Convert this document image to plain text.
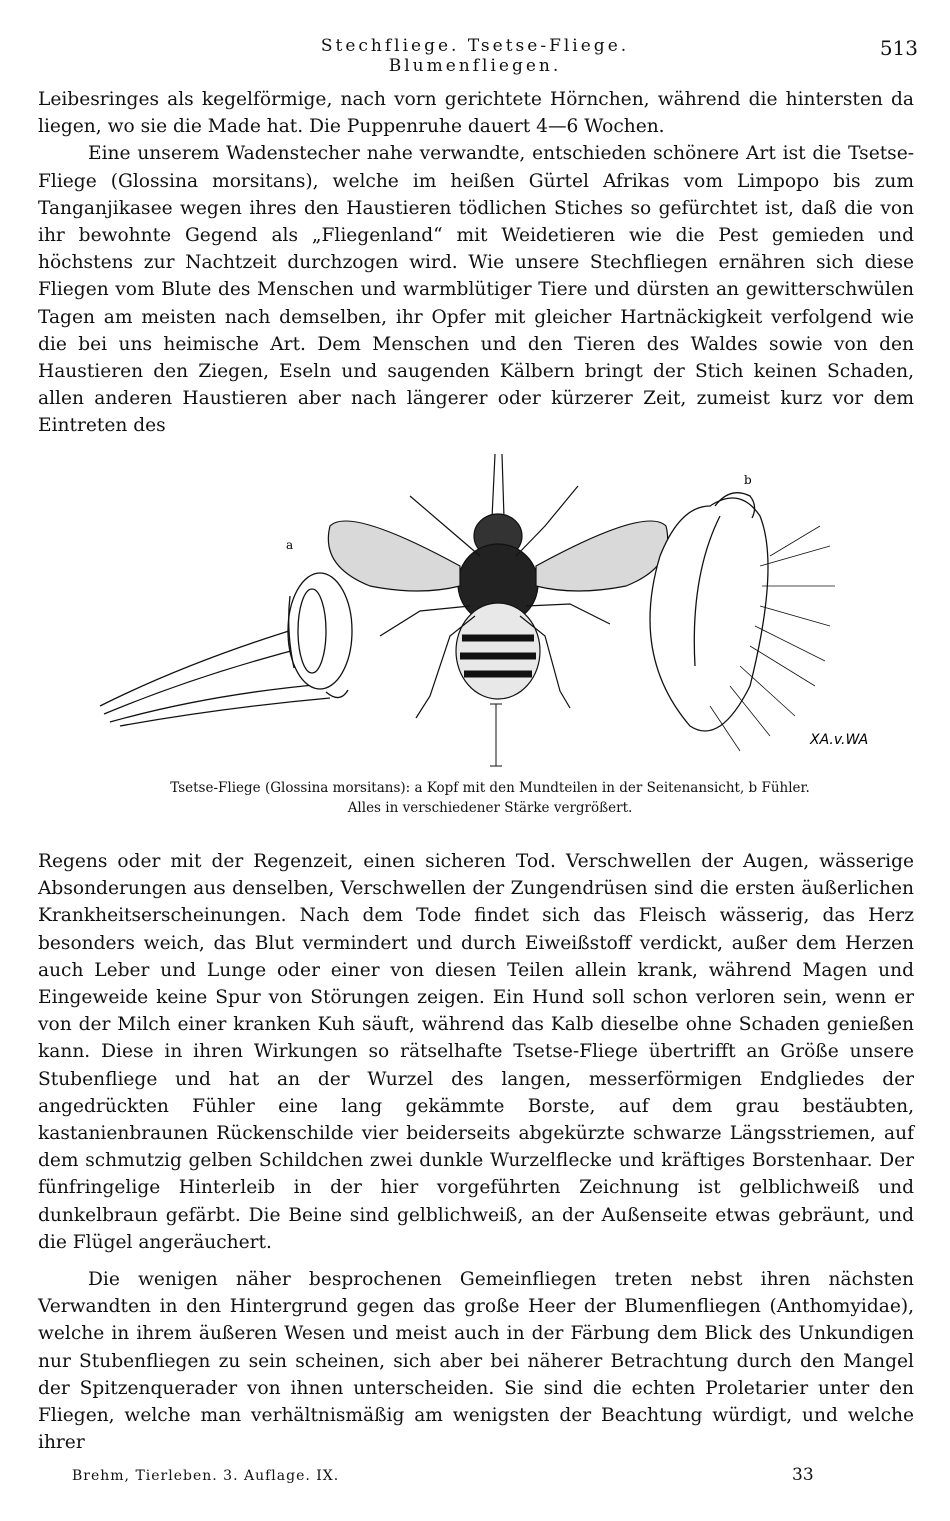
Stechfliege. Tsetse-Fliege. Blumenfliegen.
513

Leibesringes als kegelförmige, nach vorn gerichtete Hörnchen, während die hintersten da liegen, wo sie die Made hat. Die Puppenruhe dauert 4—6 Wochen.

Eine unserem Wadenstecher nahe verwandte, entschieden schönere Art ist die Tsetse-Fliege (Glossina morsitans), welche im heißen Gürtel Afrikas vom Limpopo bis zum Tanganjikasee wegen ihres den Haustieren tödlichen Stiches so gefürchtet ist, daß die von ihr bewohnte Gegend als „Fliegenland“ mit Weidetieren wie die Pest gemieden und höchstens zur Nachtzeit durchzogen wird. Wie unsere Stechfliegen ernähren sich diese Fliegen vom Blute des Menschen und warmblütiger Tiere und dürsten an gewitterschwülen Tagen am meisten nach demselben, ihr Opfer mit gleicher Hartnäckigkeit verfolgend wie die bei uns heimische Art. Dem Menschen und den Tieren des Waldes sowie von den Haustieren den Ziegen, Eseln und saugenden Kälbern bringt der Stich keinen Schaden, allen anderen Haustieren aber nach längerer oder kürzerer Zeit, zumeist kurz vor dem Eintreten des

a
b
XA.v.WA
Tsetse-Fliege (Glossina morsitans): a Kopf mit den Mundteilen in der Seitenansicht, b Fühler.
Alles in verschiedener Stärke vergrößert.

Regens oder mit der Regenzeit, einen sicheren Tod. Verschwellen der Augen, wässerige Absonderungen aus denselben, Verschwellen der Zungendrüsen sind die ersten äußerlichen Krankheitserscheinungen. Nach dem Tode findet sich das Fleisch wässerig, das Herz besonders weich, das Blut vermindert und durch Eiweißstoff verdickt, außer dem Herzen auch Leber und Lunge oder einer von diesen Teilen allein krank, während Magen und Eingeweide keine Spur von Störungen zeigen. Ein Hund soll schon verloren sein, wenn er von der Milch einer kranken Kuh säuft, während das Kalb dieselbe ohne Schaden genießen kann. Diese in ihren Wirkungen so rätselhafte Tsetse-Fliege übertrifft an Größe unsere Stubenfliege und hat an der Wurzel des langen, messerförmigen Endgliedes der angedrückten Fühler eine lang gekämmte Borste, auf dem grau bestäubten, kastanienbraunen Rückenschilde vier beiderseits abgekürzte schwarze Längsstriemen, auf dem schmutzig gelben Schildchen zwei dunkle Wurzelflecke und kräftiges Borstenhaar. Der fünfringelige Hinterleib in der hier vorgeführten Zeichnung ist gelblichweiß und dunkelbraun gefärbt. Die Beine sind gelblichweiß, an der Außenseite etwas gebräunt, und die Flügel angeräuchert.

Die wenigen näher besprochenen Gemeinfliegen treten nebst ihren nächsten Verwandten in den Hintergrund gegen das große Heer der Blumenfliegen (Anthomyidae), welche in ihrem äußeren Wesen und meist auch in der Färbung dem Blick des Unkundigen nur Stubenfliegen zu sein scheinen, sich aber bei näherer Betrachtung durch den Mangel der Spitzenquerader von ihnen unterscheiden. Sie sind die echten Proletarier unter den Fliegen, welche man verhältnismäßig am wenigsten der Beachtung würdigt, und welche ihrer

Brehm, Tierleben. 3. Auflage. IX.	33
